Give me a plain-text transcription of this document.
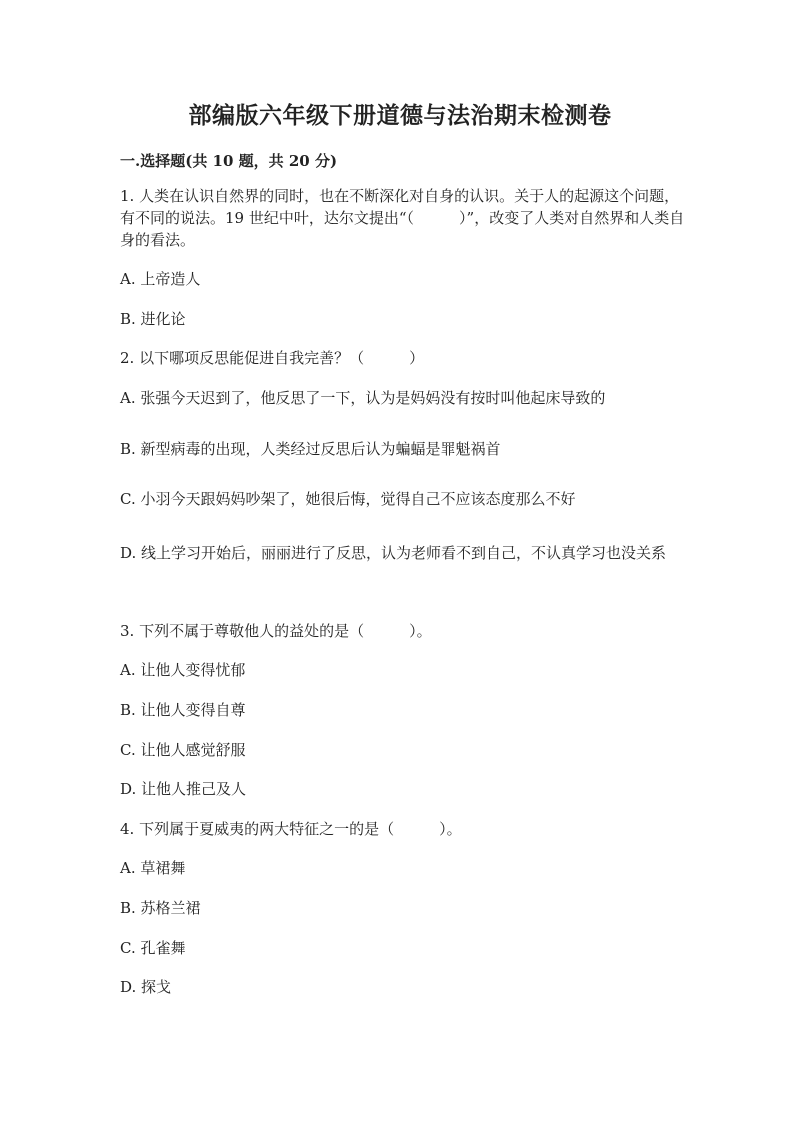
部编版六年级下册道德与法治期末检测卷
一.选择题(共 10 题，共 20 分)

1. 人类在认识自然界的同时，也在不断深化对自身的认识。关于人的起源这个问题，有不同的说法。19 世纪中叶，达尔文提出“（　　　）”，改变了人类对自然界和人类自身的看法。

A. 上帝造人

B. 进化论

2. 以下哪项反思能促进自我完善？（　　　）

A. 张强今天迟到了，他反思了一下，认为是妈妈没有按时叫他起床导致的

B. 新型病毒的出现，人类经过反思后认为蝙蝠是罪魁祸首

C. 小羽今天跟妈妈吵架了，她很后悔，觉得自己不应该态度那么不好

D. 线上学习开始后，丽丽进行了反思，认为老师看不到自己，不认真学习也没关系

3. 下列不属于尊敬他人的益处的是（　　　）。

A. 让他人变得忧郁

B. 让他人变得自尊

C. 让他人感觉舒服

D. 让他人推己及人

4. 下列属于夏威夷的两大特征之一的是（　　　）。

A. 草裙舞

B. 苏格兰裙

C. 孔雀舞

D. 探戈
